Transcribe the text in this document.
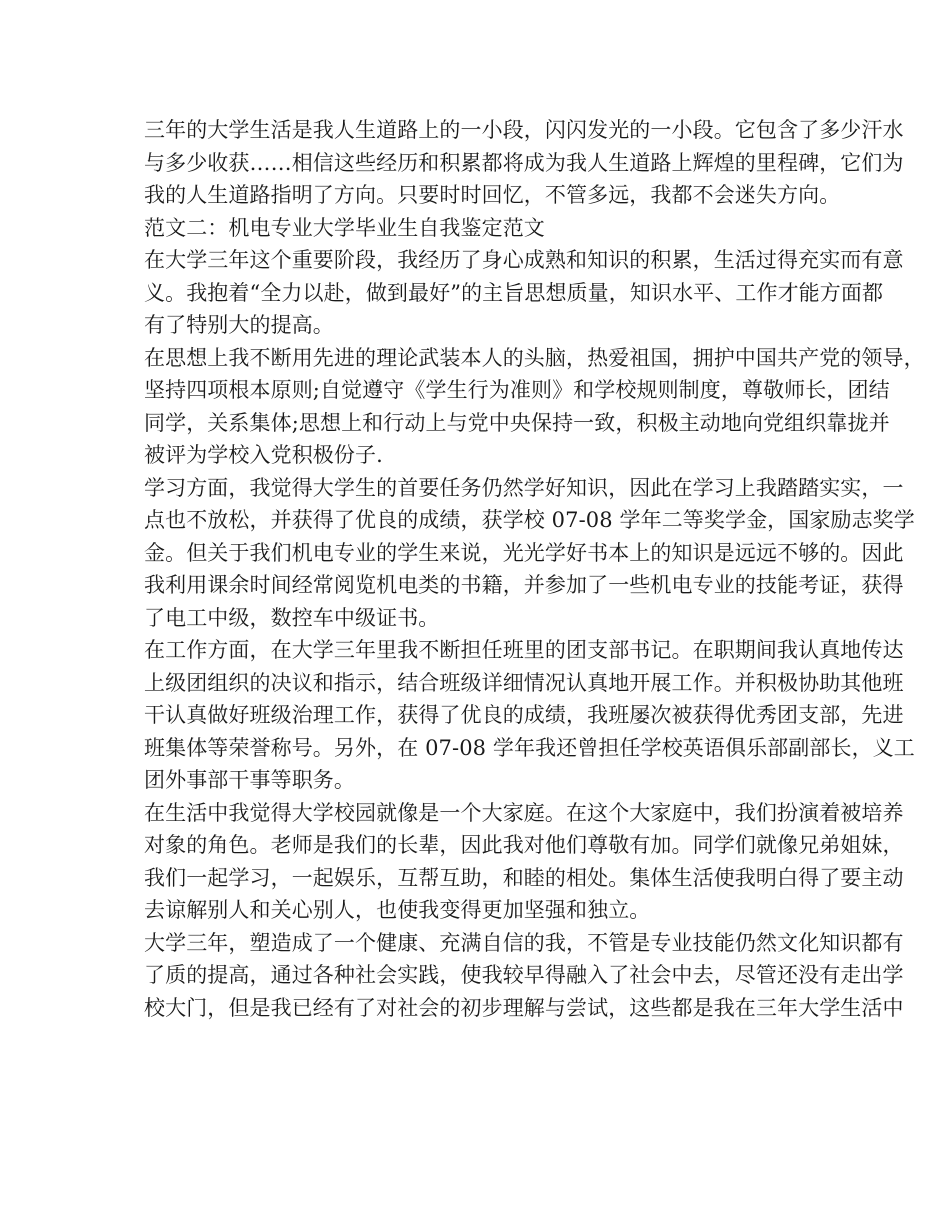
三年的大学生活是我人生道路上的一小段，闪闪发光的一小段。它包含了多少汗水
与多少收获……相信这些经历和积累都将成为我人生道路上辉煌的里程碑，它们为
我的人生道路指明了方向。只要时时回忆，不管多远，我都不会迷失方向。
范文二：机电专业大学毕业生自我鉴定范文
在大学三年这个重要阶段，我经历了身心成熟和知识的积累，生活过得充实而有意
义。我抱着“全力以赴，做到最好”的主旨思想质量，知识水平、工作才能方面都
有了特别大的提高。
在思想上我不断用先进的理论武装本人的头脑，热爱祖国，拥护中国共产党的领导，
坚持四项根本原则;自觉遵守《学生行为准则》和学校规则制度，尊敬师长，团结
同学，关系集体;思想上和行动上与党中央保持一致，积极主动地向党组织靠拢并
被评为学校入党积极份子.
学习方面，我觉得大学生的首要任务仍然学好知识，因此在学习上我踏踏实实，一
点也不放松，并获得了优良的成绩，获学校 07-08 学年二等奖学金，国家励志奖学
金。但关于我们机电专业的学生来说，光光学好书本上的知识是远远不够的。因此
我利用课余时间经常阅览机电类的书籍，并参加了一些机电专业的技能考证，获得
了电工中级，数控车中级证书。
在工作方面，在大学三年里我不断担任班里的团支部书记。在职期间我认真地传达
上级团组织的决议和指示，结合班级详细情况认真地开展工作。并积极协助其他班
干认真做好班级治理工作，获得了优良的成绩，我班屡次被获得优秀团支部，先进
班集体等荣誉称号。另外，在 07-08 学年我还曾担任学校英语俱乐部副部长，义工
团外事部干事等职务。
在生活中我觉得大学校园就像是一个大家庭。在这个大家庭中，我们扮演着被培养
对象的角色。老师是我们的长辈，因此我对他们尊敬有加。同学们就像兄弟姐妹，
我们一起学习，一起娱乐，互帮互助，和睦的相处。集体生活使我明白得了要主动
去谅解别人和关心别人，也使我变得更加坚强和独立。
大学三年，塑造成了一个健康、充满自信的我，不管是专业技能仍然文化知识都有
了质的提高，通过各种社会实践，使我较早得融入了社会中去，尽管还没有走出学
校大门，但是我已经有了对社会的初步理解与尝试，这些都是我在三年大学生活中
